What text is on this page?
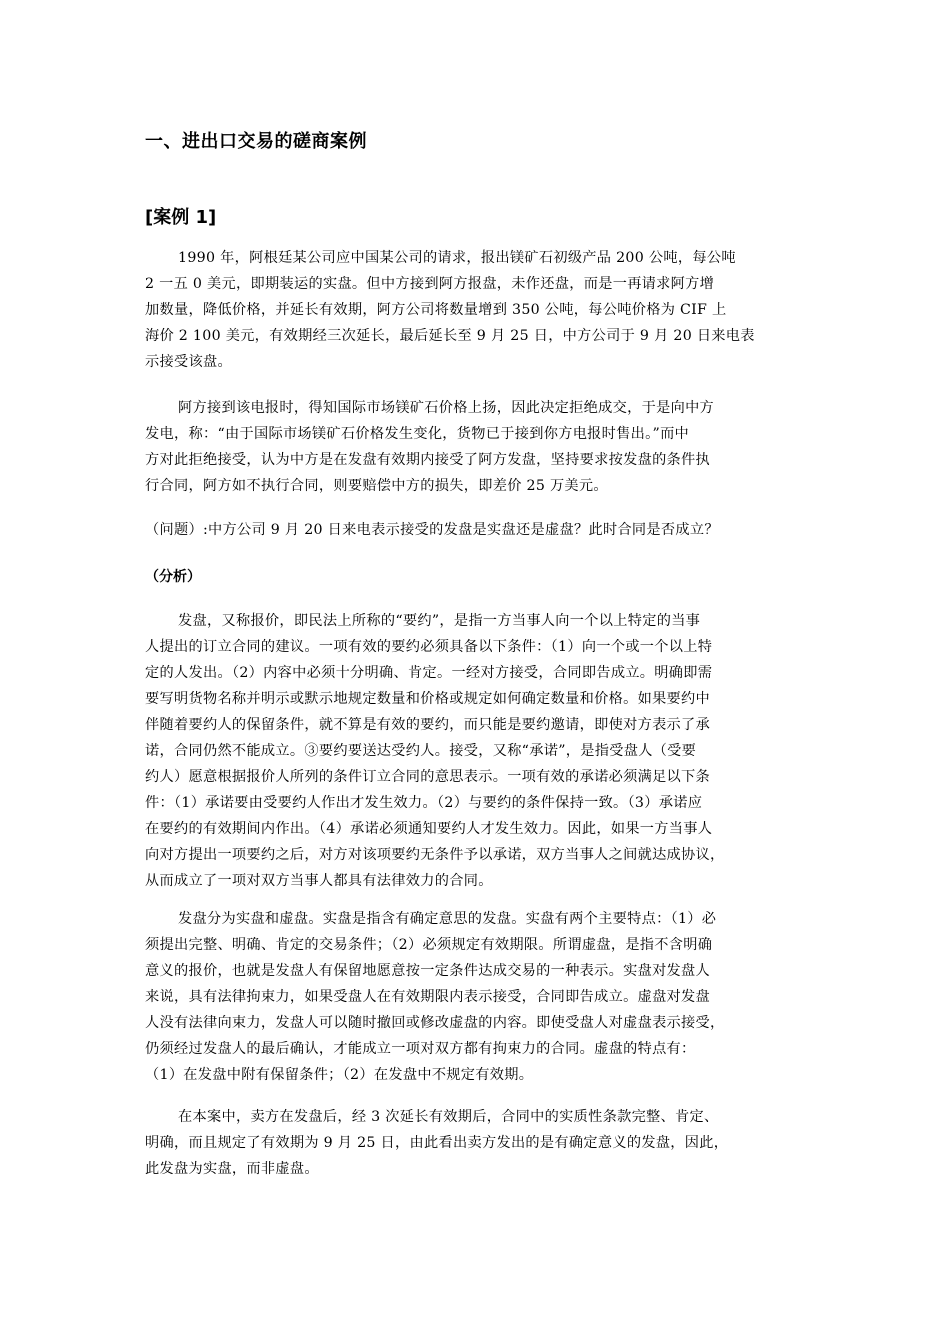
一、进出口交易的磋商案例
[案例 1]
1990 年，阿根廷某公司应中国某公司的请求，报出镁矿石初级产品 200 公吨，每公吨
2 一五 0 美元，即期装运的实盘。但中方接到阿方报盘，未作还盘，而是一再请求阿方增
加数量，降低价格，并延长有效期，阿方公司将数量增到 350 公吨，每公吨价格为 CIF 上
海价 2 100 美元，有效期经三次延长，最后延长至 9 月 25 日，中方公司于 9 月 20 日来电表
示接受该盘。
阿方接到该电报时，得知国际市场镁矿石价格上扬，因此决定拒绝成交，于是向中方
发电，称：“由于国际市场镁矿石价格发生变化，货物已于接到你方电报时售出。”而中
方对此拒绝接受，认为中方是在发盘有效期内接受了阿方发盘，坚持要求按发盘的条件执
行合同，阿方如不执行合同，则要赔偿中方的损失，即差价 25 万美元。
（问题）:中方公司 9 月 20 日来电表示接受的发盘是实盘还是虚盘？此时合同是否成立？
（分析）
发盘，又称报价，即民法上所称的“要约”，是指一方当事人向一个以上特定的当事
人提出的订立合同的建议。一项有效的要约必须具备以下条件：（1）向一个或一个以上特
定的人发出。（2）内容中必须十分明确、肯定。一经对方接受，合同即告成立。明确即需
要写明货物名称并明示或默示地规定数量和价格或规定如何确定数量和价格。如果要约中
伴随着要约人的保留条件，就不算是有效的要约，而只能是要约邀请，即使对方表示了承
诺，合同仍然不能成立。③要约要送达受约人。接受，又称“承诺”，是指受盘人（受要
约人）愿意根据报价人所列的条件订立合同的意思表示。一项有效的承诺必须满足以下条
件：（1）承诺要由受要约人作出才发生效力。（2）与要约的条件保持一致。（3）承诺应
在要约的有效期间内作出。（4）承诺必须通知要约人才发生效力。因此，如果一方当事人
向对方提出一项要约之后，对方对该项要约无条件予以承诺，双方当事人之间就达成协议，
从而成立了一项对双方当事人都具有法律效力的合同。
发盘分为实盘和虚盘。实盘是指含有确定意思的发盘。实盘有两个主要特点：（1）必
须提出完整、明确、肯定的交易条件；（2）必须规定有效期限。所谓虚盘，是指不含明确
意义的报价，也就是发盘人有保留地愿意按一定条件达成交易的一种表示。实盘对发盘人
来说，具有法律拘束力，如果受盘人在有效期限内表示接受，合同即告成立。虚盘对发盘
人没有法律向束力，发盘人可以随时撤回或修改虚盘的内容。即使受盘人对虚盘表示接受，
仍须经过发盘人的最后确认，才能成立一项对双方都有拘束力的合同。虚盘的特点有：
（1）在发盘中附有保留条件；（2）在发盘中不规定有效期。
在本案中，卖方在发盘后，经 3 次延长有效期后，合同中的实质性条款完整、肯定、
明确，而且规定了有效期为 9 月 25 日，由此看出卖方发出的是有确定意义的发盘，因此，
此发盘为实盘，而非虚盘。
